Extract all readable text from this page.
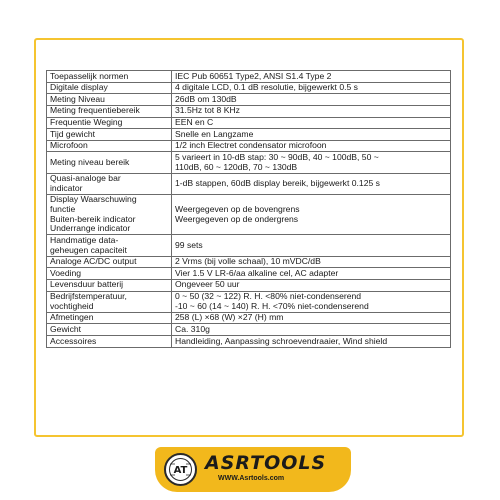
Toepasselijk normen	IEC Pub 60651 Type2, ANSI S1.4 Type 2

Digitale display	4 digitale LCD, 0.1 dB resolutie, bijgewerkt 0.5 s

Meting Niveau	26dB om 130dB

Meting frequentiebereik	31.5Hz tot 8 KHz

Frequentie Weging	EEN en C

Tijd gewicht	Snelle en Langzame

Microfoon	1/2 inch Electret condensator microfoon

Meting niveau bereik	5 varieert in 10-dB stap: 30 ~ 90dB, 40 ~ 100dB, 50 ~
110dB, 60 ~ 120dB, 70 ~ 130dB

Quasi-analoge bar
indicator	1-dB stappen, 60dB display bereik, bijgewerkt 0.125 s

Display Waarschuwing
functie
Buiten-bereik indicator
Underrange indicator	Weergegeven op de bovengrens
Weergegeven op de ondergrens

Handmatige data-
geheugen capaciteit	99 sets

Analoge AC/DC output	2 Vrms (bij volle schaal), 10 mVDC/dB

Voeding	Vier 1.5 V LR-6/aa alkaline cel, AC adapter

Levensduur batterij	Ongeveer 50 uur

Bedrijfstemperatuur,
vochtigheid	0 ~ 50 (32 ~ 122) R. H. <80% niet-condenserend
-10 ~ 60 (14 ~ 140) R. H. <70% niet-condenserend

Afmetingen	258 (L) ×68 (W) ×27 (H) mm

Gewicht	Ca. 310g

Accessoires	Handleiding, Aanpassing schroevendraaier, Wind shield
AT ASRTOOLS
WWW.Asrtools.com
